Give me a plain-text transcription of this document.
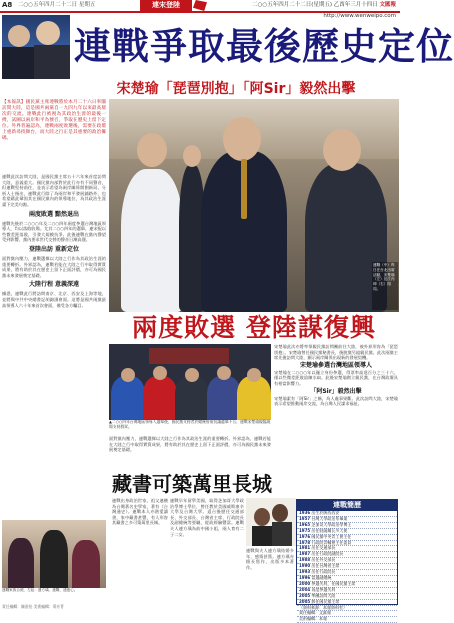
A8 二○○五年四月二十二日 星期五	連宋登陸	二○○五年四月二十二日(星期五) 乙酉年三月十四日 文匯報
http://www.wenweipo.com
連戰爭取最後歷史定位
宋楚瑜「琵琶別抱」「阿Sir」毅然出擊
【本報訊】國民黨主席連戰將於本月二十六日率團訪問大陸，這是國共兩黨自一九四九年以來最高層次的交流。連戰此行被視為其政治生涯的最後一搏，試圖以兩岸和平為號召，爭取在歷史上留下定位。外界普遍認為，連戰兩度敗選後，需要在政壇上重新尋找舞台，而大陸之行正是其重要的政治籌碼。
連戰此次訪問大陸，是國民黨主席五十六年來首度訪問大陸，意義重大。國民黨內部對於此行亦有不同聲音，但連戰堅持前往，並表示希望為兩岸關係開創新局。分析人士指出，連戰此行除了為兩岸和平發展鋪路外，也希望藉此鞏固其在國民黨內的領導地位，為其政治生涯畫下完美句點。
兩度敗選 黯然退出
連戰先後於二○○○年及二○○四年兩度參選台灣地區領導人，均以落敗收場。尤其二○○四年的選舉，連宋配以些微差距落敗，引發大規模抗爭。此後連戰在黨內聲望受到影響，黨內要求世代交替的聲音日漸高漲。
登陸出訪 重新定位
面對黨內壓力，連戰選擇以大陸之行作為其政治生涯的重要轉折。外界認為，連戰若能在大陸之行中取得實質成果，將有助於其在歷史上留下正面評價，亦可為國民黨未來發展奠定基礎。
大陸行程 意義深遠
據悉，連戰此行將訪問南京、北京、西安及上海等地，並將與中共中央總書記胡錦濤會面。這將是國共兩黨最高領導人六十年來首次會面，備受各方矚目。
連戰（中）昨日在台北出席活動，宋楚瑜（左）及江丙坤（右）陪同。
兩度敗選 登陸謀復興
▲二○○四年台灣地區領導人選舉後，國民黨支持者於總統府前抗議選舉不公，連戰宋楚瑜親臨現場支持群眾。
面對黨內壓力，連戰選擇以大陸之行作為其政治生涯的重要轉折。外界認為，連戰若能在大陸之行中取得實質成果，將有助於其在歷史上留下正面評價，亦可為國民黨未來發展奠定基礎。
宋楚瑜此次亦將率領親民黨訪問團前往大陸，被外界形容為「琵琶別抱」。宋楚瑜曾任國民黨秘書長，後脫黨另組親民黨。此次兩黨主席先後訪問大陸，顯示兩岸關係出現新的發展契機。
宋楚瑜參選台灣地區領導人
宋楚瑜在二○○○年以獨立身份參選，得票率高達百分之三十六，僅以些微差距敗給陳水扁。此後宋楚瑜創立親民黨，在台灣政壇具有相當影響力。
「阿Sir」毅然出擊
宋楚瑜素有「阿Sir」之稱，為人處事果斷。此次訪問大陸，宋楚瑜表示希望推動兩岸交流，為台灣人民謀求福祉。
藏書可築萬里長城
連戰出身政治世家，祖父連橫為台灣著名史學家，著有《台灣通史》。連戰本人亦熱愛讀書，家中藏書甚豐，有人形容其藏書之多可築萬里長城。
連戰早年留學美國，取得芝加哥大學政治學博士學位，曾任教於美國威斯康辛大學及台灣大學。返台後歷任交通部長、外交部長、台灣省主席、行政院長及副總統等要職，從政經驗豐富。連戰夫人連方瑀為前中國小姐，兩人育有二子二女。
連戰與夫人連方瑀結婚多年，感情甚篤。連方瑀亦擅長寫作，出版多本著作。
連戰家族合照，左起：連方瑀、連戰、連惠心。
連戰簡歷
1936 出生於陝西西安
1957 台灣大學政治系畢業
1965 芝加哥大學政治學博士
1975 出任駐薩爾瓦多大使
1976 國民黨中央青工會主任
1978 行政院青輔會主任委員
1981 出任交通部長
1987 出任行政院副院長
1988 出任外交部長
1990 出任台灣省主席
1993 出任行政院長
1996 當選副總統
2000 參選失利，任國民黨主席
2004 再度參選失利
2005 率團訪問大陸
2005 卸任國民黨主席
（資料來源：本報資料室）
責任編輯：文匯報
美術編輯：本報
責任編輯：陳嘉怡 美術編輯：黃亦菁
